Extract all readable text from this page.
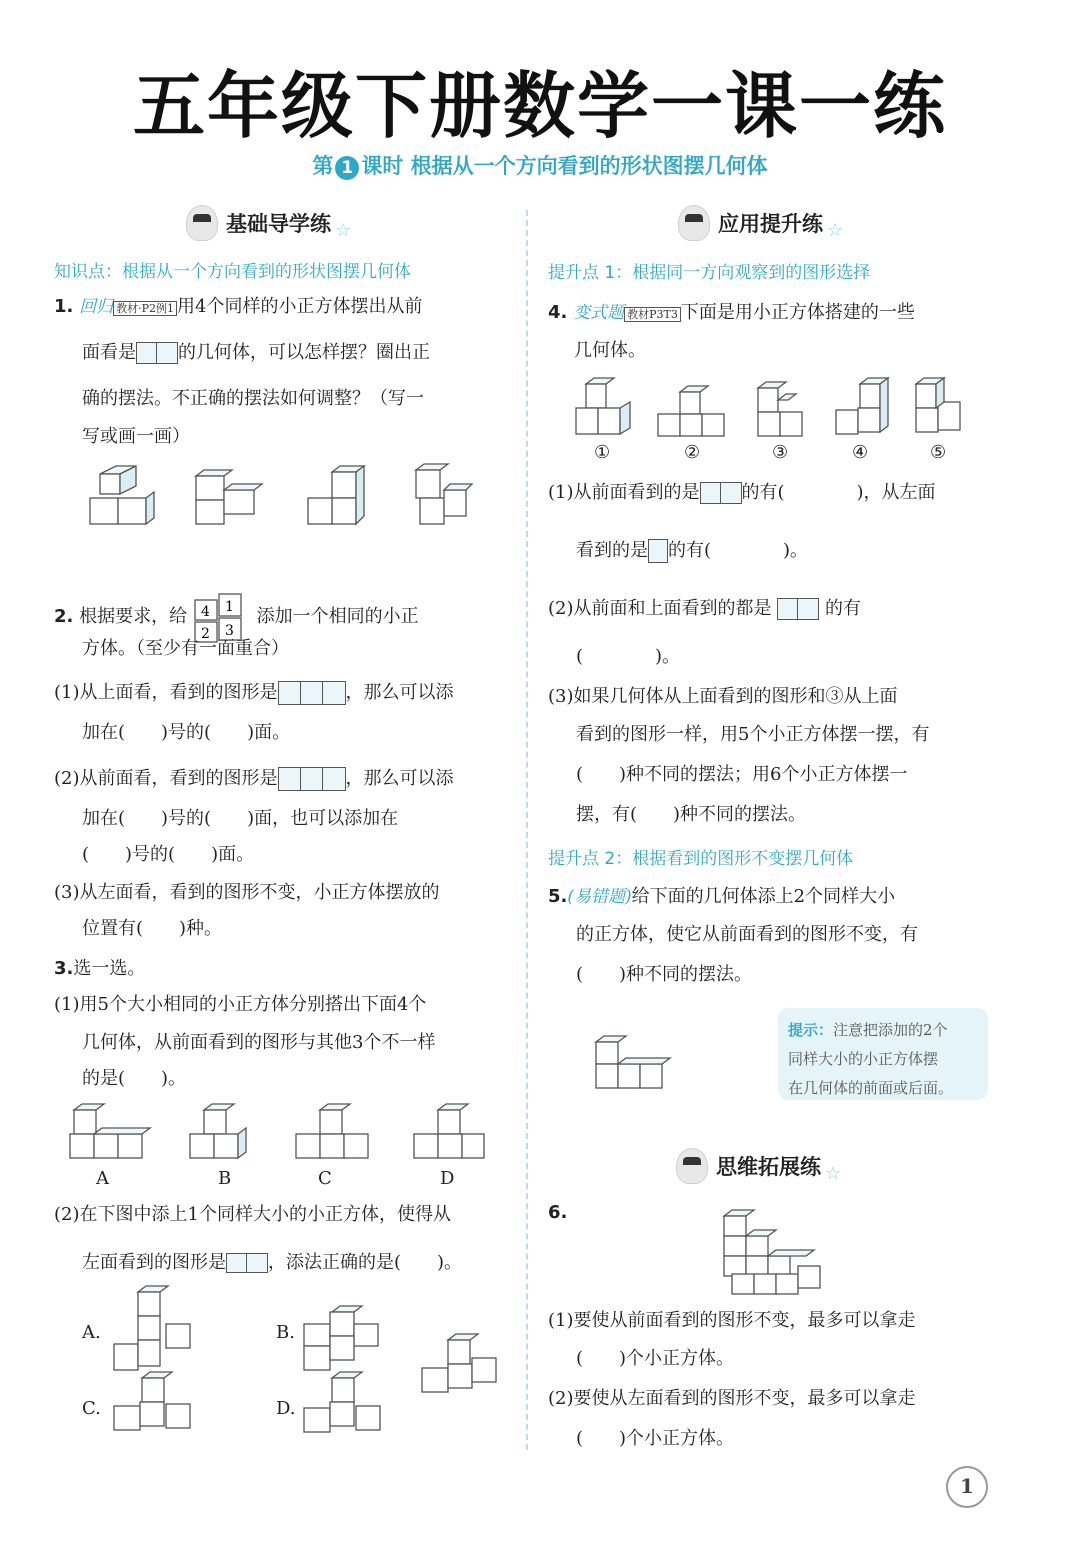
五年级下册数学一课一练
第 1 课时 根据从一个方向看到的形状图摆几何体
基础导学练 ☆
知识点：根据从一个方向看到的形状图摆几何体
1. 回归 教材·P2例1 用4个同样的小正方体摆出从前
面看是 的几何体，可以怎样摆？圈出正
确的摆法。不正确的摆法如何调整？（写一
写或画一画）
2. 根据要求，给 4 1
2 3
添加一个相同的小正
方体。（至少有一面重合）
(1)从上面看，看到的图形是	，那么可以添
加在(　　)号的(　　)面。
(2)从前面看，看到的图形是	，那么可以添
加在(　　)号的(　　)面，也可以添加在
(　　)号的(　　)面。
(3)从左面看，看到的图形不变，小正方体摆放的
位置有(　　)种。
3.选一选。
(1)用5个大小相同的小正方体分别搭出下面4个
几何体，从前面看到的图形与其他3个不一样
的是(　　)。
A	B	C	D
(2)在下图中添上1个同样大小的小正方体，使得从
左面看到的图形是 ，添法正确的是(　　)。
A.	B.
C.	D.
应用提升练 ☆
提升点 1：根据同一方向观察到的图形选择
4. 变式题 教材P3T3 下面是用小正方体搭建的一些
几何体。
①	②	③	④	⑤
(1)从前面看到的是 的有(　　　　)，从左面
看到的是 的有(　　　　)。
(2)从前面和上面看到的都是	的有
(　　　　)。
(3)如果几何体从上面看到的图形和③从上面
看到的图形一样，用5个小正方体摆一摆，有
(　　)种不同的摆法；用6个小正方体摆一
摆，有(　　)种不同的摆法。
提升点 2：根据看到的图形不变摆几何体
5.(易错题)给下面的几何体添上2个同样大小
的正方体，使它从前面看到的图形不变，有
(　　)种不同的摆法。
提示：注意把添加的2个
同样大小的小正方体摆
在几何体的前面或后面。
思维拓展练 ☆
6.
(1)要使从前面看到的图形不变，最多可以拿走
(　　)个小正方体。
(2)要使从左面看到的图形不变，最多可以拿走
(　　)个小正方体。
1
